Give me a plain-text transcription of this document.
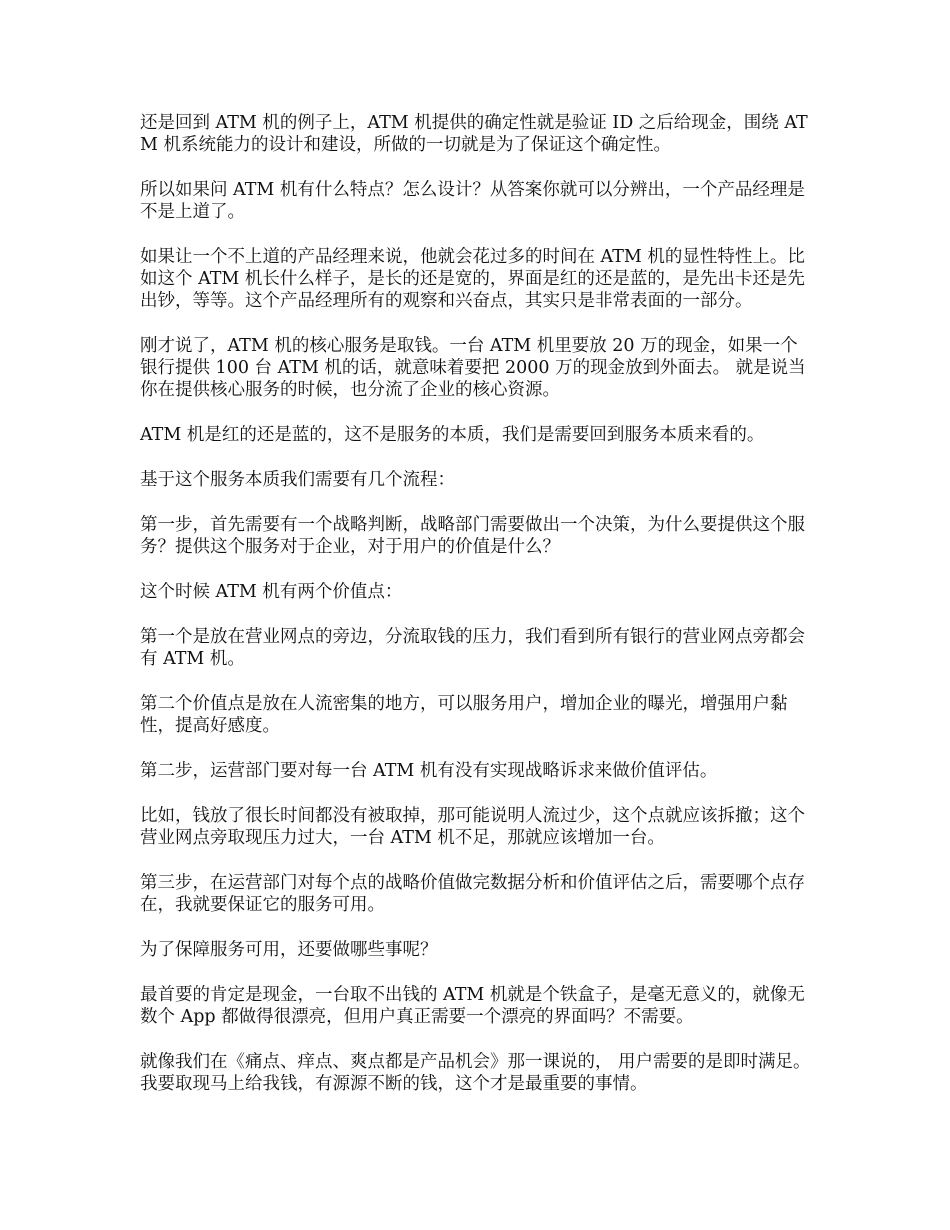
还是回到 ATM 机的例子上，ATM 机提供的确定性就是验证 ID 之后给现金，围绕 ATM 机系统能力的设计和建设，所做的一切就是为了保证这个确定性。

所以如果问 ATM 机有什么特点？怎么设计？从答案你就可以分辨出，一个产品经理是不是上道了。

如果让一个不上道的产品经理来说，他就会花过多的时间在 ATM 机的显性特性上。比如这个 ATM 机长什么样子，是长的还是宽的，界面是红的还是蓝的，是先出卡还是先出钞，等等。这个产品经理所有的观察和兴奋点，其实只是非常表面的一部分。

刚才说了，ATM 机的核心服务是取钱。一台 ATM 机里要放 20 万的现金，如果一个银行提供 100 台 ATM 机的话，就意味着要把 2000 万的现金放到外面去。 就是说当你在提供核心服务的时候，也分流了企业的核心资源。

ATM 机是红的还是蓝的，这不是服务的本质，我们是需要回到服务本质来看的。

基于这个服务本质我们需要有几个流程：

第一步，首先需要有一个战略判断，战略部门需要做出一个决策，为什么要提供这个服务？提供这个服务对于企业，对于用户的价值是什么？

这个时候 ATM 机有两个价值点：

第一个是放在营业网点的旁边，分流取钱的压力，我们看到所有银行的营业网点旁都会有 ATM 机。

第二个价值点是放在人流密集的地方，可以服务用户，增加企业的曝光，增强用户黏性，提高好感度。

第二步，运营部门要对每一台 ATM 机有没有实现战略诉求来做价值评估。

比如，钱放了很长时间都没有被取掉，那可能说明人流过少，这个点就应该拆撤；这个营业网点旁取现压力过大，一台 ATM 机不足，那就应该增加一台。

第三步，在运营部门对每个点的战略价值做完数据分析和价值评估之后，需要哪个点存在，我就要保证它的服务可用。

为了保障服务可用，还要做哪些事呢？

最首要的肯定是现金，一台取不出钱的 ATM 机就是个铁盒子，是毫无意义的，就像无数个 App 都做得很漂亮，但用户真正需要一个漂亮的界面吗？不需要。

就像我们在《痛点、痒点、爽点都是产品机会》那一课说的， 用户需要的是即时满足。 我要取现马上给我钱，有源源不断的钱，这个才是最重要的事情。
